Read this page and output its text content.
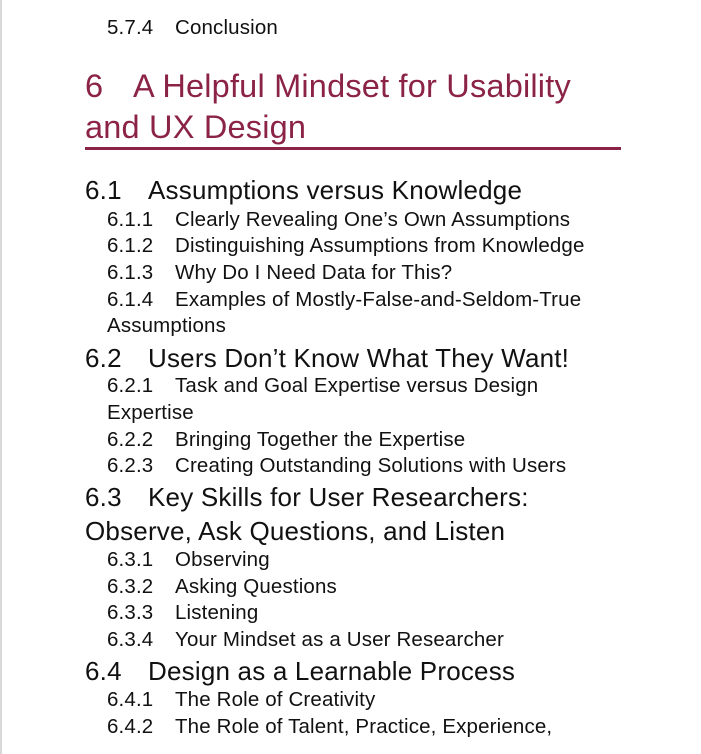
5.7.4 Conclusion
6 A Helpful Mindset for Usability
and UX Design
6.1 Assumptions versus Knowledge
6.1.1 Clearly Revealing One’s Own Assumptions
6.1.2 Distinguishing Assumptions from Knowledge
6.1.3 Why Do I Need Data for This?
6.1.4 Examples of Mostly-False-and-Seldom-True
Assumptions
6.2 Users Don’t Know What They Want!
6.2.1 Task and Goal Expertise versus Design
Expertise
6.2.2 Bringing Together the Expertise
6.2.3 Creating Outstanding Solutions with Users
6.3 Key Skills for User Researchers:
Observe, Ask Questions, and Listen
6.3.1 Observing
6.3.2 Asking Questions
6.3.3 Listening
6.3.4 Your Mindset as a User Researcher
6.4 Design as a Learnable Process
6.4.1 The Role of Creativity
6.4.2 The Role of Talent, Practice, Experience,
